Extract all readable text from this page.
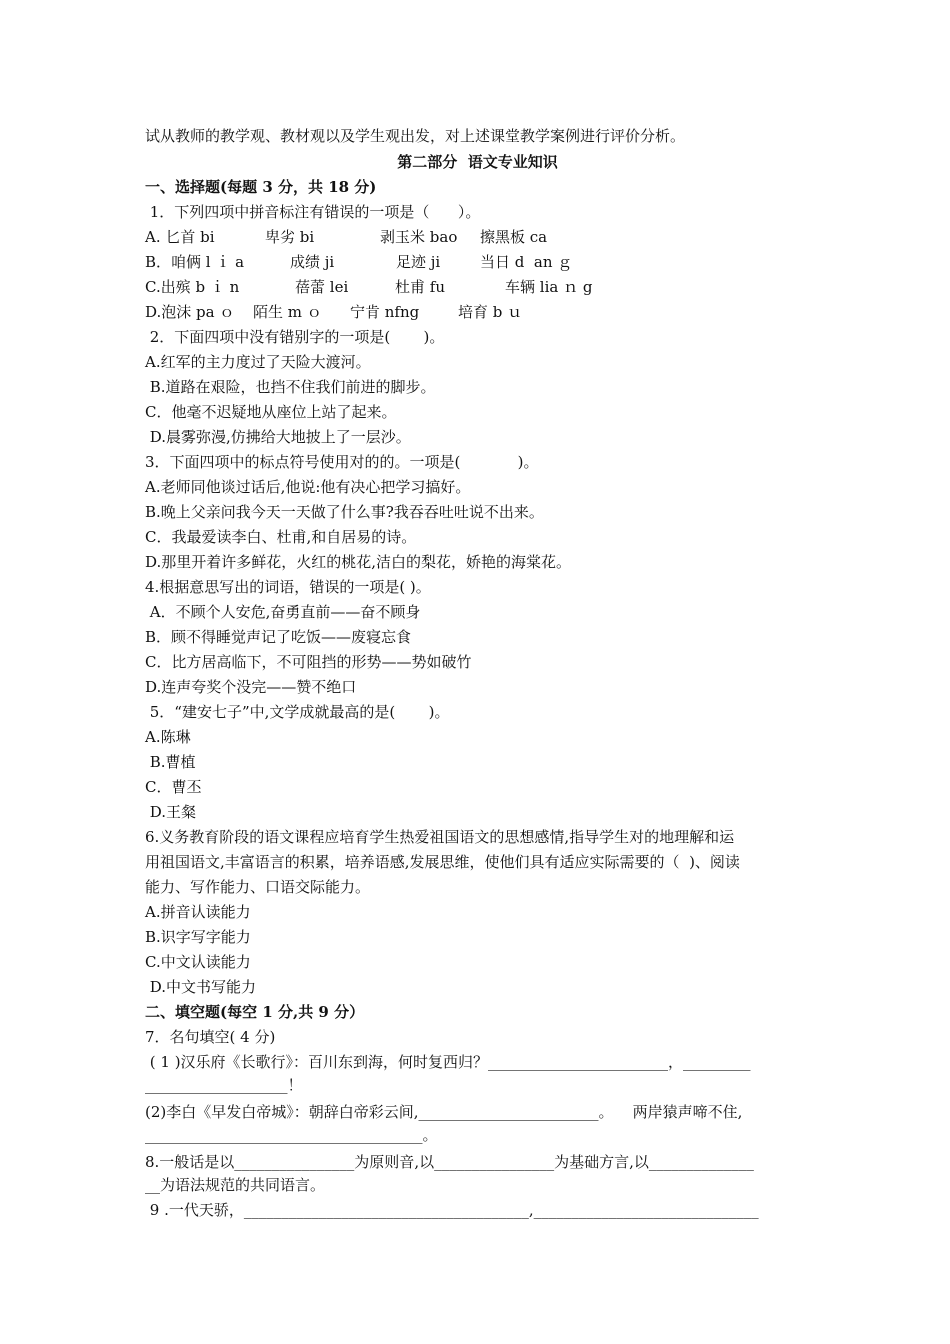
试从教师的教学观、教材观以及学生观出发，对上述课堂教学案例进行评价分析。
第二部分  语文专业知识
一、选择题(每题 3 分，共 18 分)
1．下列四项中拼音标注有错误的一项是（      ）。
A. 匕首 bi	卑劣 bi	剥玉米 bao	擦黑板 ca
B．咱俩 l ｉ a	成绩 ji	足迹 ji	当日 d  an ｇ
C.出殡 b ｉ n	蓓蕾 lei	杜甫 fu	车辆 lia ｎ g
D.泡沫 pa ｏ	陌生 m ｏ	宁肯 nfng	培育 b ｕ
2．下面四项中没有错别字的一项是(       )。
A.红军的主力度过了天险大渡河。
B.道路在艰险，也挡不住我们前进的脚步。
C．他毫不迟疑地从座位上站了起来。
D.晨雾弥漫,仿拂给大地披上了一层沙。
3．下面四项中的标点符号使用对的的。一项是(            )。
A.老师同他谈过话后,他说:他有决心把学习搞好。
B.晚上父亲问我今天一天做了什么事?我吞吞吐吐说不出来。
C．我最爱读李白、杜甫,和自居易的诗。
D.那里开着许多鲜花，火红的桃花,洁白的梨花，娇艳的海棠花。
4.根据意思写出的词语，错误的一项是( )。
A．不顾个人安危,奋勇直前——奋不顾身
B．顾不得睡觉声记了吃饭——废寝忘食
C．比方居高临下，不可阻挡的形势——势如破竹
D.连声夸奖个没完——赞不绝口
5．“建安七子”中,文学成就最高的是(       )。
A.陈琳
B.曹植
C．曹丕
D.王粲
6.义务教育阶段的语文课程应培育学生热爱祖国语文的思想感情,指导学生对的地理解和运
用祖国语文,丰富语言的积累，培养语感,发展思维，使他们具有适应实际需要的（  )、阅读
能力、写作能力、口语交际能力。
A.拼音认读能力
B.识字写字能力
C.中文认读能力
D.中文书写能力
二、填空题(每空 1 分,共 9 分）
7．名句填空( 4 分)
( 1 )汉乐府《长歌行》：百川东到海，何时复西归？________________________，_________
___________________！
(2)李白《早发白帝城》：朝辞白帝彩云间,________________________。    两岸猿声啼不住,
_____________________________________。
8.一般话是以________________为原则音,以________________为基础方言,以______________
__为语法规范的共同语言。
9 .一代天骄，______________________________________,______________________________
